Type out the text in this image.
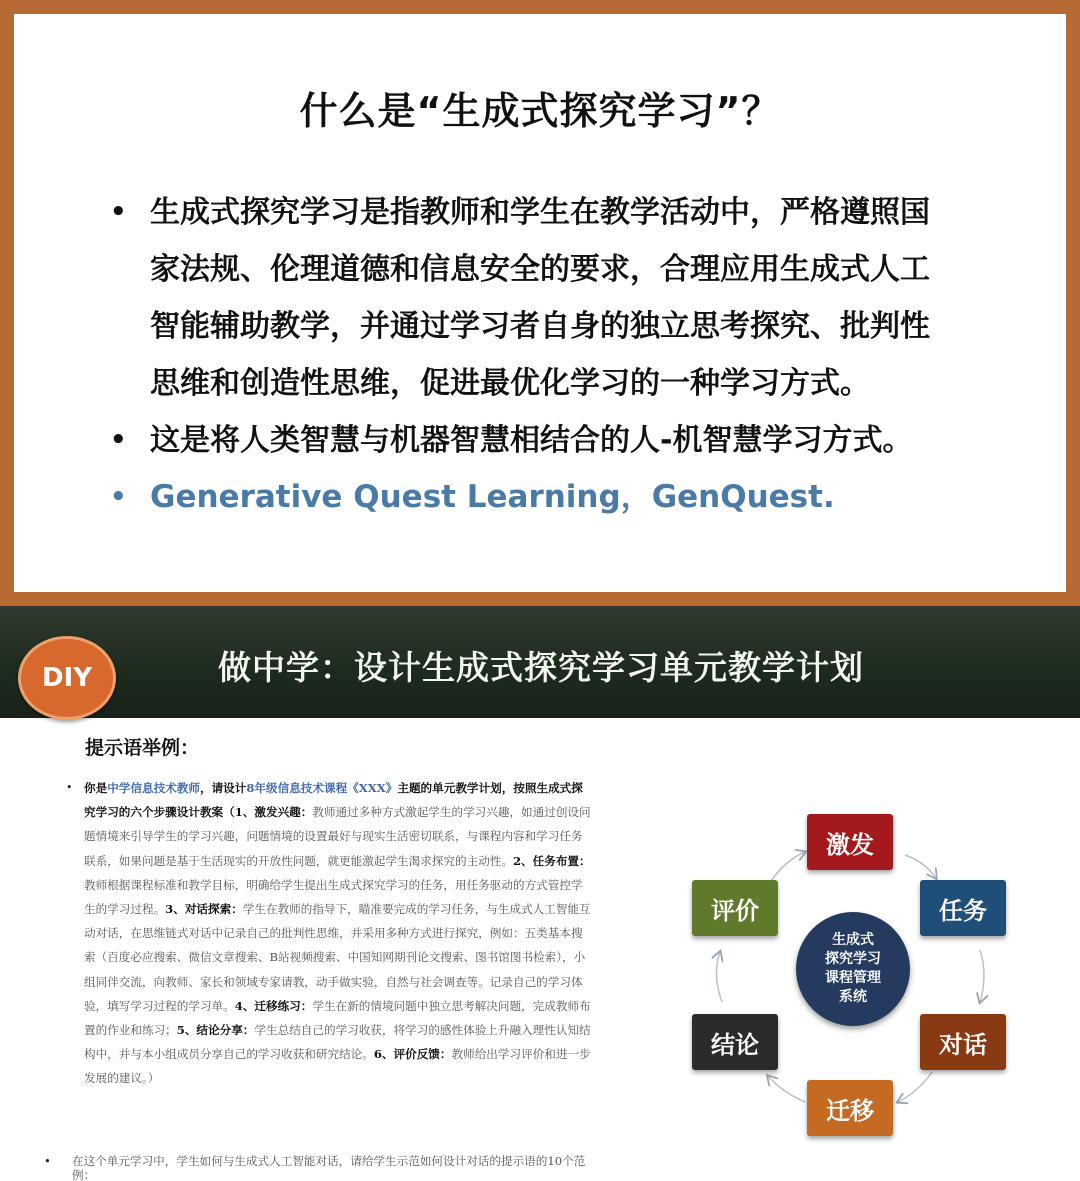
什么是“生成式探究学习”？
• 生成式探究学习是指教师和学生在教学活动中，严格遵照国
家法规、伦理道德和信息安全的要求，合理应用生成式人工
智能辅助教学，并通过学习者自身的独立思考探究、批判性
思维和创造性思维，促进最优化学习的一种学习方式。
• 这是将人类智慧与机器智慧相结合的人-机智慧学习方式。
• Generative Quest Learning，GenQuest.
DIY	做中学：设计生成式探究学习单元教学计划
提示语举例：
• 你是中学信息技术教师，请设计8年级信息技术课程《XXX》主题的单元教学计划，按照生成式探究学习的六个步骤设计教案（1、激发兴趣：教师通过多种方式激起学生的学习兴趣，如通过创设问题情境来引导学生的学习兴趣，问题情境的设置最好与现实生活密切联系，与课程内容和学习任务联系，如果问题是基于生活现实的开放性问题，就更能激起学生渴求探究的主动性。2、任务布置：教师根据课程标准和教学目标，明确给学生提出生成式探究学习的任务，用任务驱动的方式管控学生的学习过程。3、对话探索：学生在教师的指导下，瞄准要完成的学习任务，与生成式人工智能互动对话，在思维链式对话中记录自己的批判性思维，并采用多种方式进行探究，例如：五类基本搜索（百度必应搜索、微信文章搜索、B站视频搜索、中国知网期刊论文搜索、图书馆图书检索），小组同伴交流，向教师、家长和领域专家请教，动手做实验，自然与社会调查等。记录自己的学习体验，填写学习过程的学习单。4、迁移练习：学生在新的情境问题中独立思考解决问题，完成教师布置的作业和练习；5、结论分享：学生总结自己的学习收获，将学习的感性体验上升融入理性认知结构中，并与本小组成员分享自己的学习收获和研究结论。6、评价反馈：教师给出学习评价和进一步发展的建议。）
• 在这个单元学习中，学生如何与生成式人工智能对话，请给学生示范如何设计对话的提示语的10个范例：
激发
任务
对话
迁移
结论
评价
生成式
探究学习
课程管理
系统
